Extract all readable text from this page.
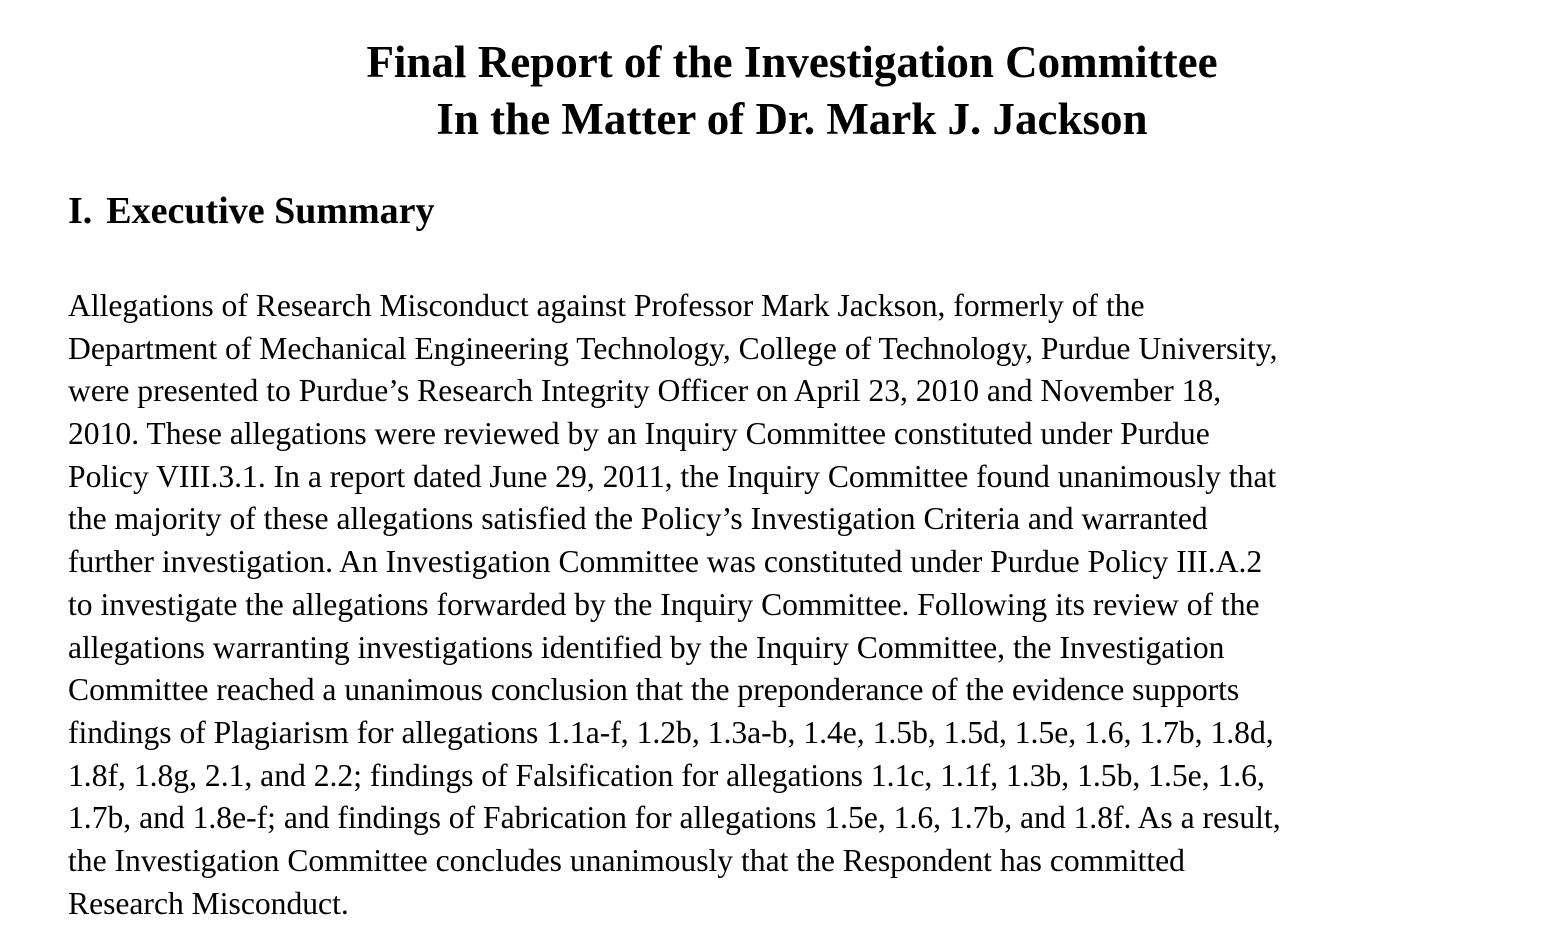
Final Report of the Investigation Committee
In the Matter of Dr. Mark J. Jackson
I. Executive Summary
Allegations of Research Misconduct against Professor Mark Jackson, formerly of the
Department of Mechanical Engineering Technology, College of Technology, Purdue University,
were presented to Purdue’s Research Integrity Officer on April 23, 2010 and November 18,
2010. These allegations were reviewed by an Inquiry Committee constituted under Purdue
Policy VIII.3.1. In a report dated June 29, 2011, the Inquiry Committee found unanimously that
the majority of these allegations satisfied the Policy’s Investigation Criteria and warranted
further investigation. An Investigation Committee was constituted under Purdue Policy III.A.2
to investigate the allegations forwarded by the Inquiry Committee. Following its review of the
allegations warranting investigations identified by the Inquiry Committee, the Investigation
Committee reached a unanimous conclusion that the preponderance of the evidence supports
findings of Plagiarism for allegations 1.1a-f, 1.2b, 1.3a-b, 1.4e, 1.5b, 1.5d, 1.5e, 1.6, 1.7b, 1.8d,
1.8f, 1.8g, 2.1, and 2.2; findings of Falsification for allegations 1.1c, 1.1f, 1.3b, 1.5b, 1.5e, 1.6,
1.7b, and 1.8e-f; and findings of Fabrication for allegations 1.5e, 1.6, 1.7b, and 1.8f. As a result,
the Investigation Committee concludes unanimously that the Respondent has committed
Research Misconduct.
